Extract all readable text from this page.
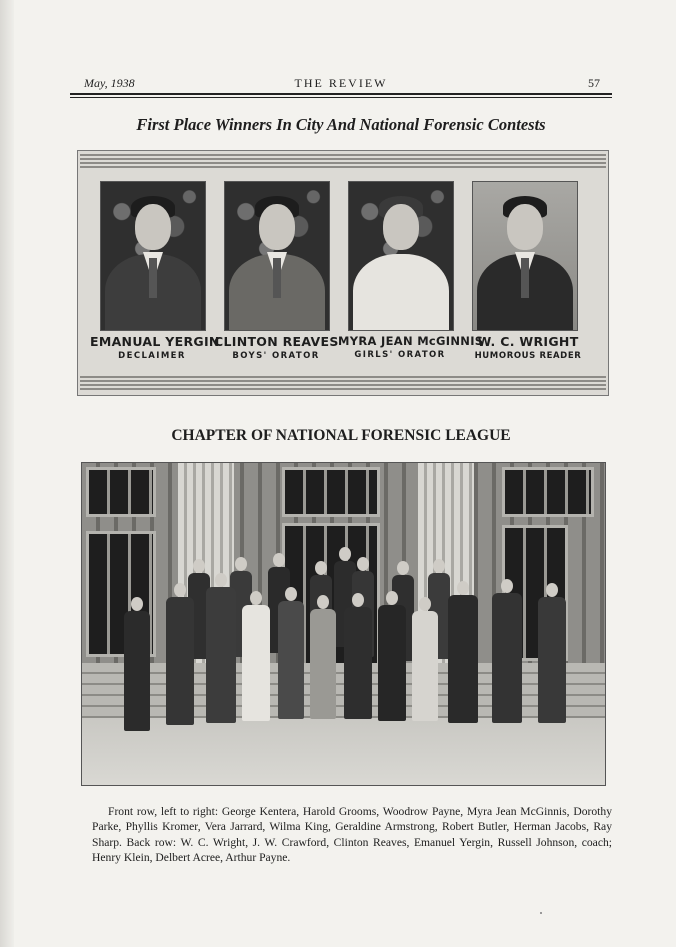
May, 1938	THE REVIEW	57
First Place Winners In City And National Forensic Contests
EMANUAL YERGIN
DECLAIMER
CLINTON REAVES
BOYS' ORATOR
MYRA JEAN McGINNIS
GIRLS' ORATOR
W. C. WRIGHT
HUMOROUS READER
CHAPTER OF NATIONAL FORENSIC LEAGUE

Front row, left to right: George Kentera, Harold Grooms, Woodrow Payne, Myra Jean McGinnis, Dorothy Parke, Phyllis Kromer, Vera Jarrard, Wilma King, Geraldine Armstrong, Robert Butler, Herman Jacobs, Ray Sharp. Back row: W. C. Wright, J. W. Crawford, Clinton Reaves, Emanuel Yergin, Russell Johnson, coach; Henry Klein, Delbert Acree, Arthur Payne.
